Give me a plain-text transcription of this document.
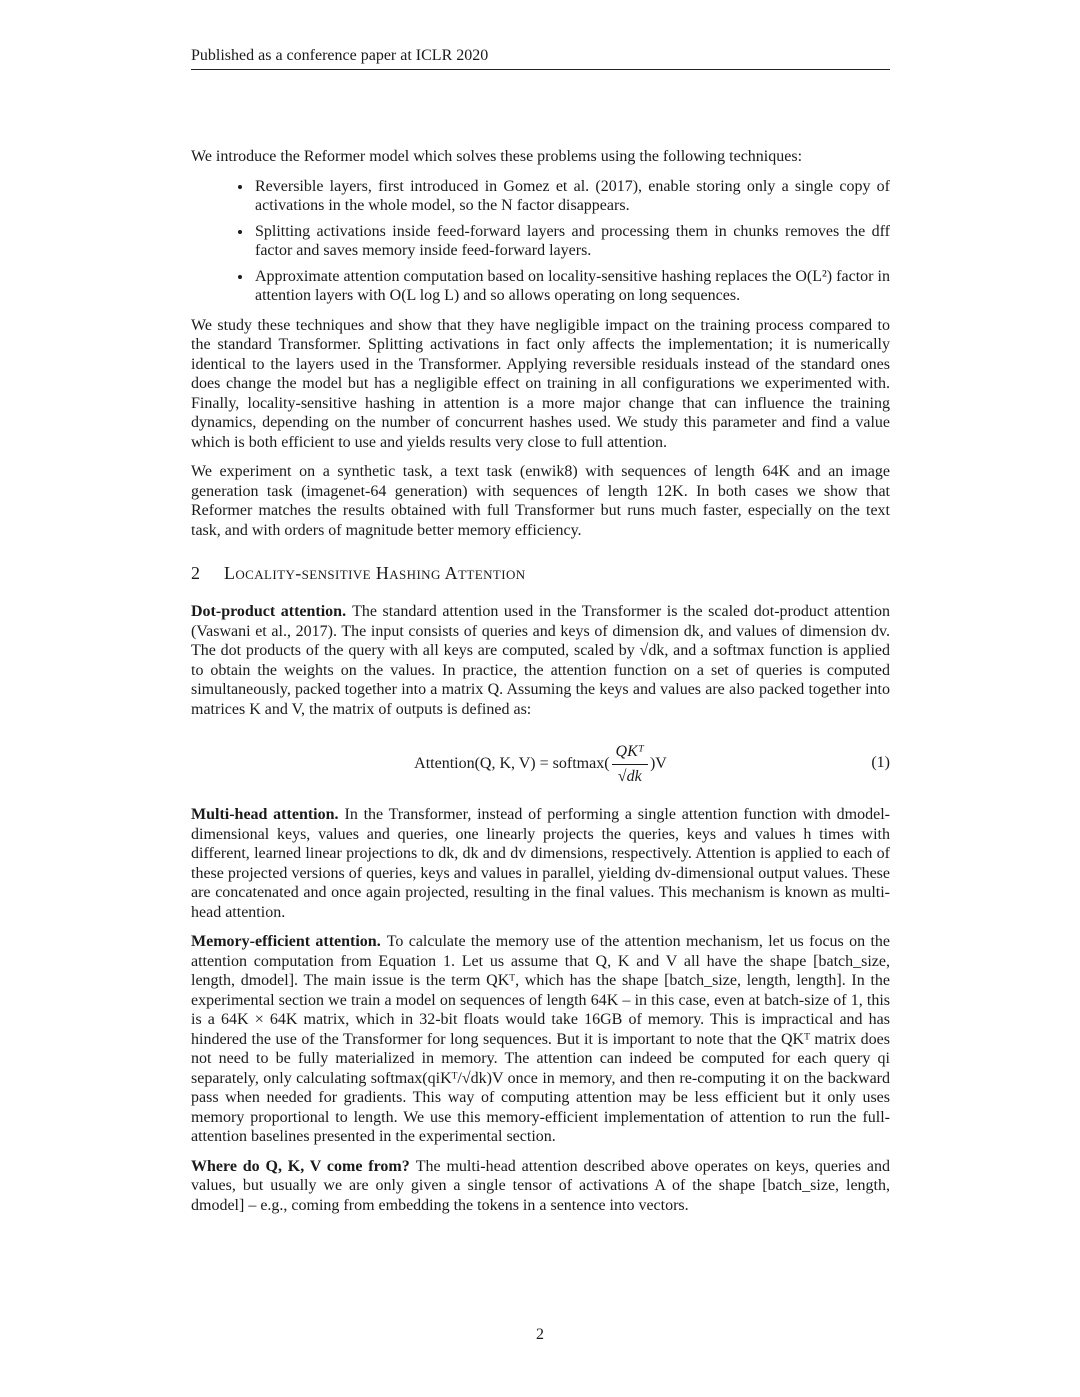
Published as a conference paper at ICLR 2020

We introduce the Reformer model which solves these problems using the following techniques:

• Reversible layers, first introduced in Gomez et al. (2017), enable storing only a single copy of activations in the whole model, so the N factor disappears.
• Splitting activations inside feed-forward layers and processing them in chunks removes the dff factor and saves memory inside feed-forward layers.
• Approximate attention computation based on locality-sensitive hashing replaces the O(L²) factor in attention layers with O(L log L) and so allows operating on long sequences.

We study these techniques and show that they have negligible impact on the training process compared to the standard Transformer. Splitting activations in fact only affects the implementation; it is numerically identical to the layers used in the Transformer. Applying reversible residuals instead of the standard ones does change the model but has a negligible effect on training in all configurations we experimented with. Finally, locality-sensitive hashing in attention is a more major change that can influence the training dynamics, depending on the number of concurrent hashes used. We study this parameter and find a value which is both efficient to use and yields results very close to full attention.

We experiment on a synthetic task, a text task (enwik8) with sequences of length 64K and an image generation task (imagenet-64 generation) with sequences of length 12K. In both cases we show that Reformer matches the results obtained with full Transformer but runs much faster, especially on the text task, and with orders of magnitude better memory efficiency.

2 Locality-sensitive Hashing Attention

Dot-product attention. The standard attention used in the Transformer is the scaled dot-product attention (Vaswani et al., 2017). The input consists of queries and keys of dimension dk, and values of dimension dv. The dot products of the query with all keys are computed, scaled by √dk, and a softmax function is applied to obtain the weights on the values. In practice, the attention function on a set of queries is computed simultaneously, packed together into a matrix Q. Assuming the keys and values are also packed together into matrices K and V, the matrix of outputs is defined as:

Attention(Q, K, V) = softmax( $\frac{\text{QKᵀ}}{√dk} )V$	(1)

Multi-head attention. In the Transformer, instead of performing a single attention function with dmodel-dimensional keys, values and queries, one linearly projects the queries, keys and values h times with different, learned linear projections to dk, dk and dv dimensions, respectively. Attention is applied to each of these projected versions of queries, keys and values in parallel, yielding dv-dimensional output values. These are concatenated and once again projected, resulting in the final values. This mechanism is known as multi-head attention.

Memory-efficient attention. To calculate the memory use of the attention mechanism, let us focus on the attention computation from Equation 1. Let us assume that Q, K and V all have the shape [batch_size, length, dmodel]. The main issue is the term QKᵀ, which has the shape [batch_size, length, length]. In the experimental section we train a model on sequences of length 64K – in this case, even at batch-size of 1, this is a 64K × 64K matrix, which in 32-bit floats would take 16GB of memory. This is impractical and has hindered the use of the Transformer for long sequences. But it is important to note that the QKᵀ matrix does not need to be fully materialized in memory. The attention can indeed be computed for each query qi separately, only calculating softmax(qiKᵀ/√dk)V once in memory, and then re-computing it on the backward pass when needed for gradients. This way of computing attention may be less efficient but it only uses memory proportional to length. We use this memory-efficient implementation of attention to run the full-attention baselines presented in the experimental section.

Where do Q, K, V come from? The multi-head attention described above operates on keys, queries and values, but usually we are only given a single tensor of activations A of the shape [batch_size, length, dmodel] – e.g., coming from embedding the tokens in a sentence into vectors.

2
